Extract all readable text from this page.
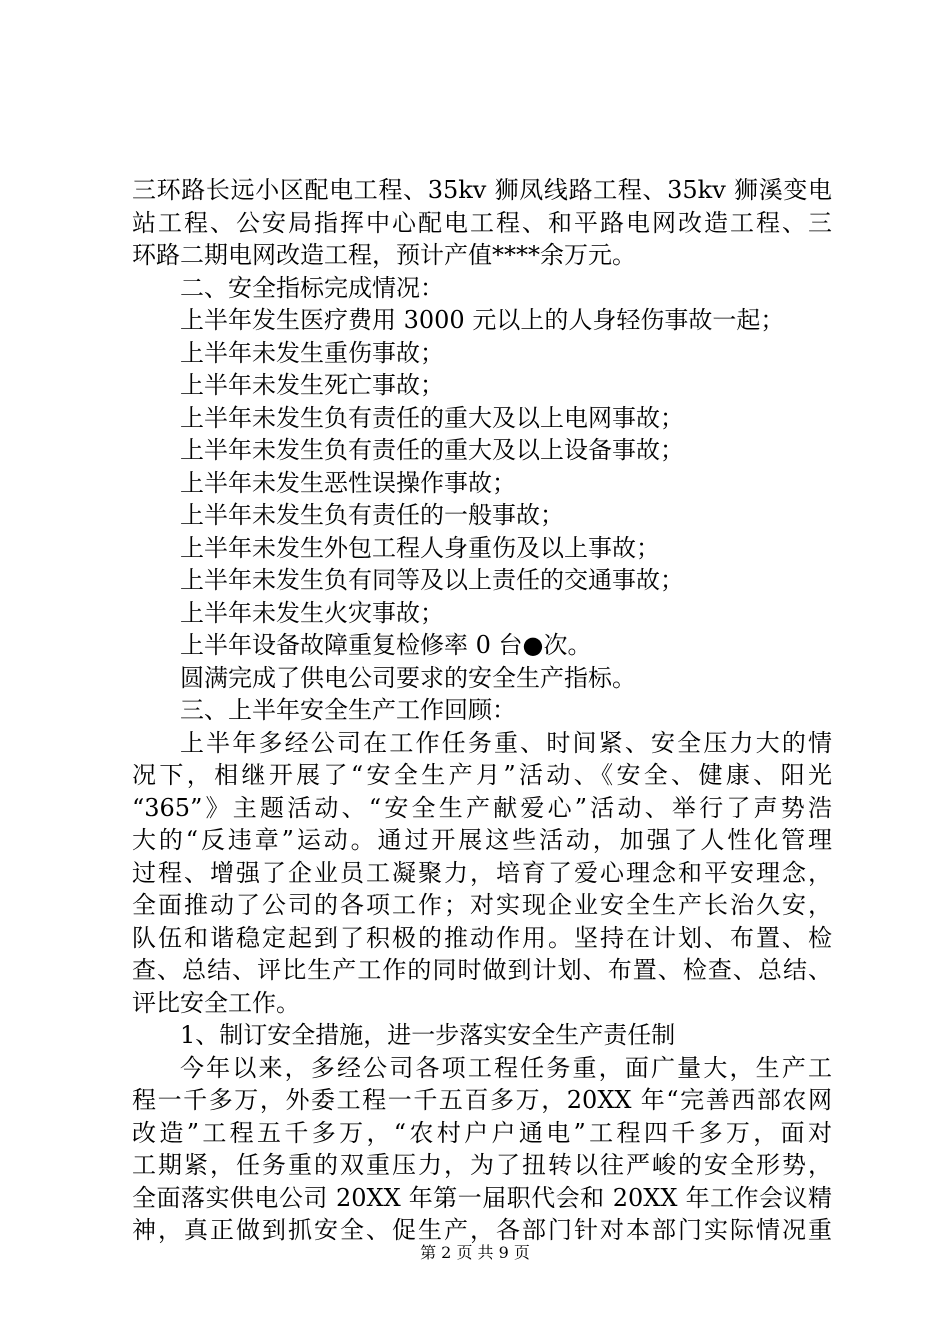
三环路长远小区配电工程、35kv 狮凤线路工程、35kv 狮溪变电
站工程、公安局指挥中心配电工程、和平路电网改造工程、三
环路二期电网改造工程，预计产值****余万元。
二、安全指标完成情况：
上半年发生医疗费用 3000 元以上的人身轻伤事故一起；
上半年未发生重伤事故；
上半年未发生死亡事故；
上半年未发生负有责任的重大及以上电网事故；
上半年未发生负有责任的重大及以上设备事故；
上半年未发生恶性误操作事故；
上半年未发生负有责任的一般事故；
上半年未发生外包工程人身重伤及以上事故；
上半年未发生负有同等及以上责任的交通事故；
上半年未发生火灾事故；
上半年设备故障重复检修率 0 台●次。
圆满完成了供电公司要求的安全生产指标。
三、上半年安全生产工作回顾：
上半年多经公司在工作任务重、时间紧、安全压力大的情
况下，相继开展了“安全生产月”活动、《安全、健康、阳光
“365”》主题活动、“安全生产献爱心”活动、举行了声势浩
大的“反违章”运动。通过开展这些活动，加强了人性化管理
过程、增强了企业员工凝聚力，培育了爱心理念和平安理念，
全面推动了公司的各项工作；对实现企业安全生产长治久安，
队伍和谐稳定起到了积极的推动作用。坚持在计划、布置、检
查、总结、评比生产工作的同时做到计划、布置、检查、总结、
评比安全工作。
1、制订安全措施，进一步落实安全生产责任制
今年以来，多经公司各项工程任务重，面广量大，生产工
程一千多万，外委工程一千五百多万，20XX 年“完善西部农网
改造”工程五千多万，“农村户户通电”工程四千多万，面对
工期紧，任务重的双重压力，为了扭转以往严峻的安全形势，
全面落实供电公司 20XX 年第一届职代会和 20XX 年工作会议精
神，真正做到抓安全、促生产，各部门针对本部门实际情况重
第 2 页 共 9 页
